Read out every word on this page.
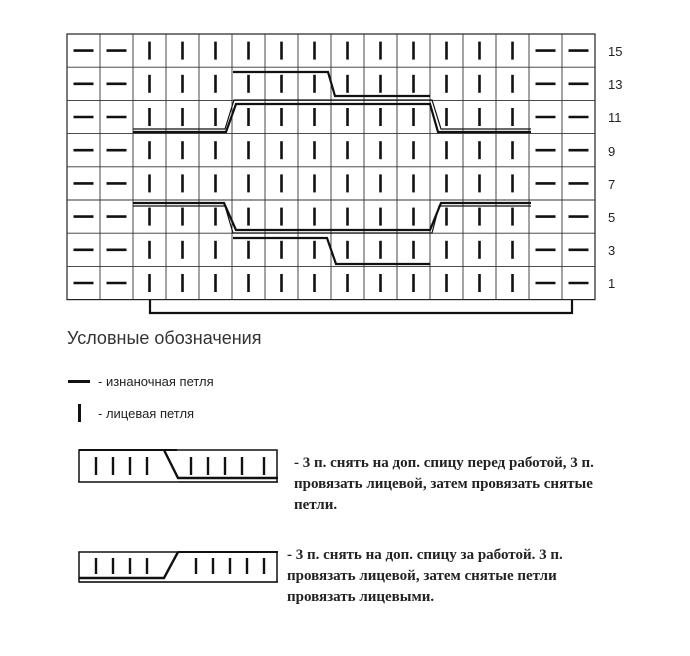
15
13
11
9
7
5
3
1
Условные обозначения
- изнаночная петля
- лицевая петля
- 3 п. снять на доп. спицу перед работой, 3 п. провязать лицевой, затем провязать снятые петли.
- 3 п. снять на доп. спицу за работой. 3 п. провязать лицевой, затем снятые петли провязать лицевыми.
